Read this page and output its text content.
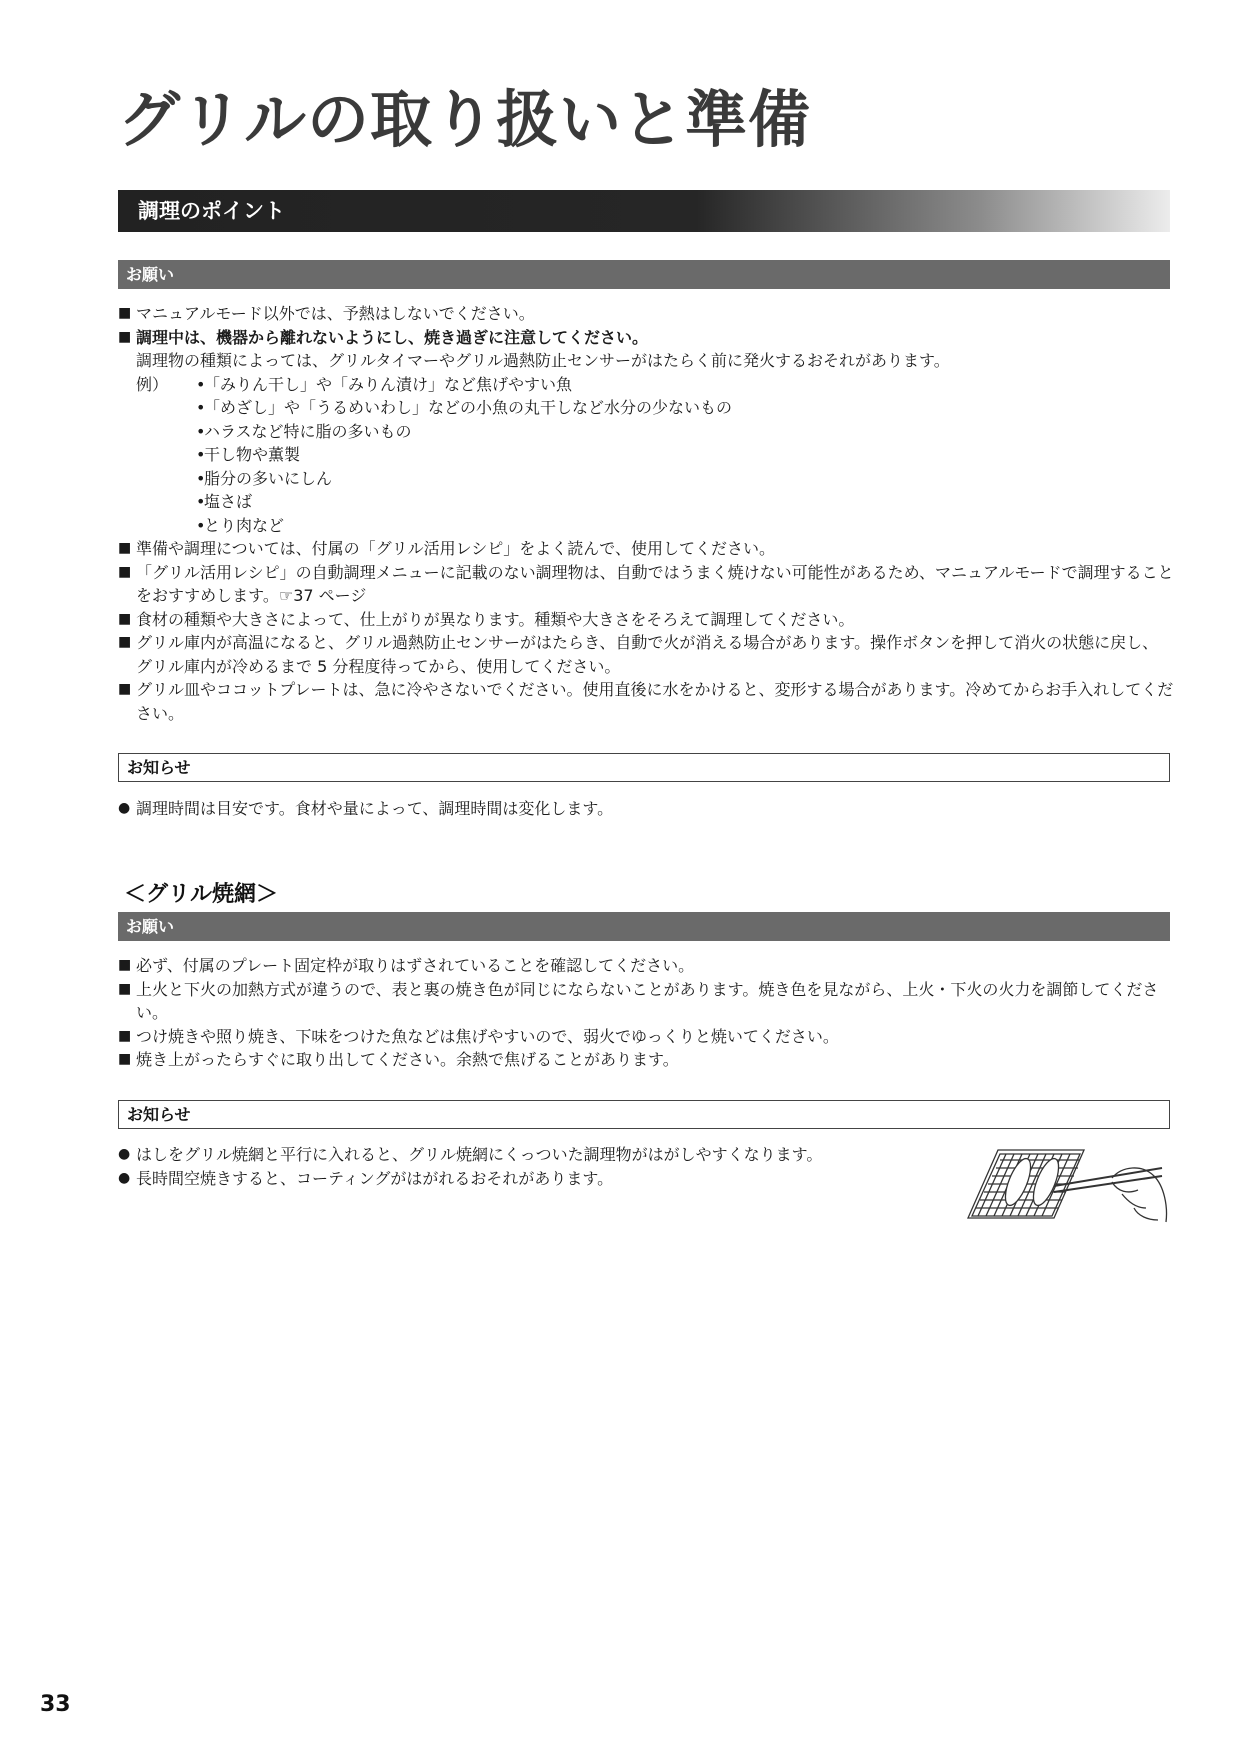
グリルの取り扱いと準備
調理のポイント
お願い
■ マニュアルモード以外では、予熱はしないでください。
■ 調理中は、機器から離れないようにし、焼き過ぎに注意してください。
調理物の種類によっては、グリルタイマーやグリル過熱防止センサーがはたらく前に発火するおそれがあります。
例） •
「みりん干し」や「みりん漬け」など焦げやすい魚
•
「めざし」や「うるめいわし」などの小魚の丸干しなど水分の少ないもの
•
ハラスなど特に脂の多いもの
•
干し物や薫製
•
脂分の多いにしん
•
塩さば
•
とり肉など
■ 準備や調理については、付属の「グリル活用レシピ」をよく読んで、使用してください。
■ 「グリル活用レシピ」の自動調理メニューに記載のない調理物は、自動ではうまく焼けない可能性があるため、マニュアルモードで調理することをおすすめします。☞37 ページ
■ 食材の種類や大きさによって、仕上がりが異なります。種類や大きさをそろえて調理してください。
■ グリル庫内が高温になると、グリル過熱防止センサーがはたらき、自動で火が消える場合があります。操作ボタンを押して消火の状態に戻し、グリル庫内が冷めるまで 5 分程度待ってから、使用してください。
■ グリル皿やココットプレートは、急に冷やさないでください。使用直後に水をかけると、変形する場合があります。冷めてからお手入れしてください。
お知らせ
● 調理時間は目安です。食材や量によって、調理時間は変化します。
＜グリル焼網＞
お願い
■ 必ず、付属のプレート固定枠が取りはずされていることを確認してください。
■ 上火と下火の加熱方式が違うので、表と裏の焼き色が同じにならないことがあります。焼き色を見ながら、上火・下火の火力を調節してください。
■ つけ焼きや照り焼き、下味をつけた魚などは焦げやすいので、弱火でゆっくりと焼いてください。
■ 焼き上がったらすぐに取り出してください。余熱で焦げることがあります。
お知らせ
● はしをグリル焼網と平行に入れると、グリル焼網にくっついた調理物がはがしやすくなります。
● 長時間空焼きすると、コーティングがはがれるおそれがあります。
33
